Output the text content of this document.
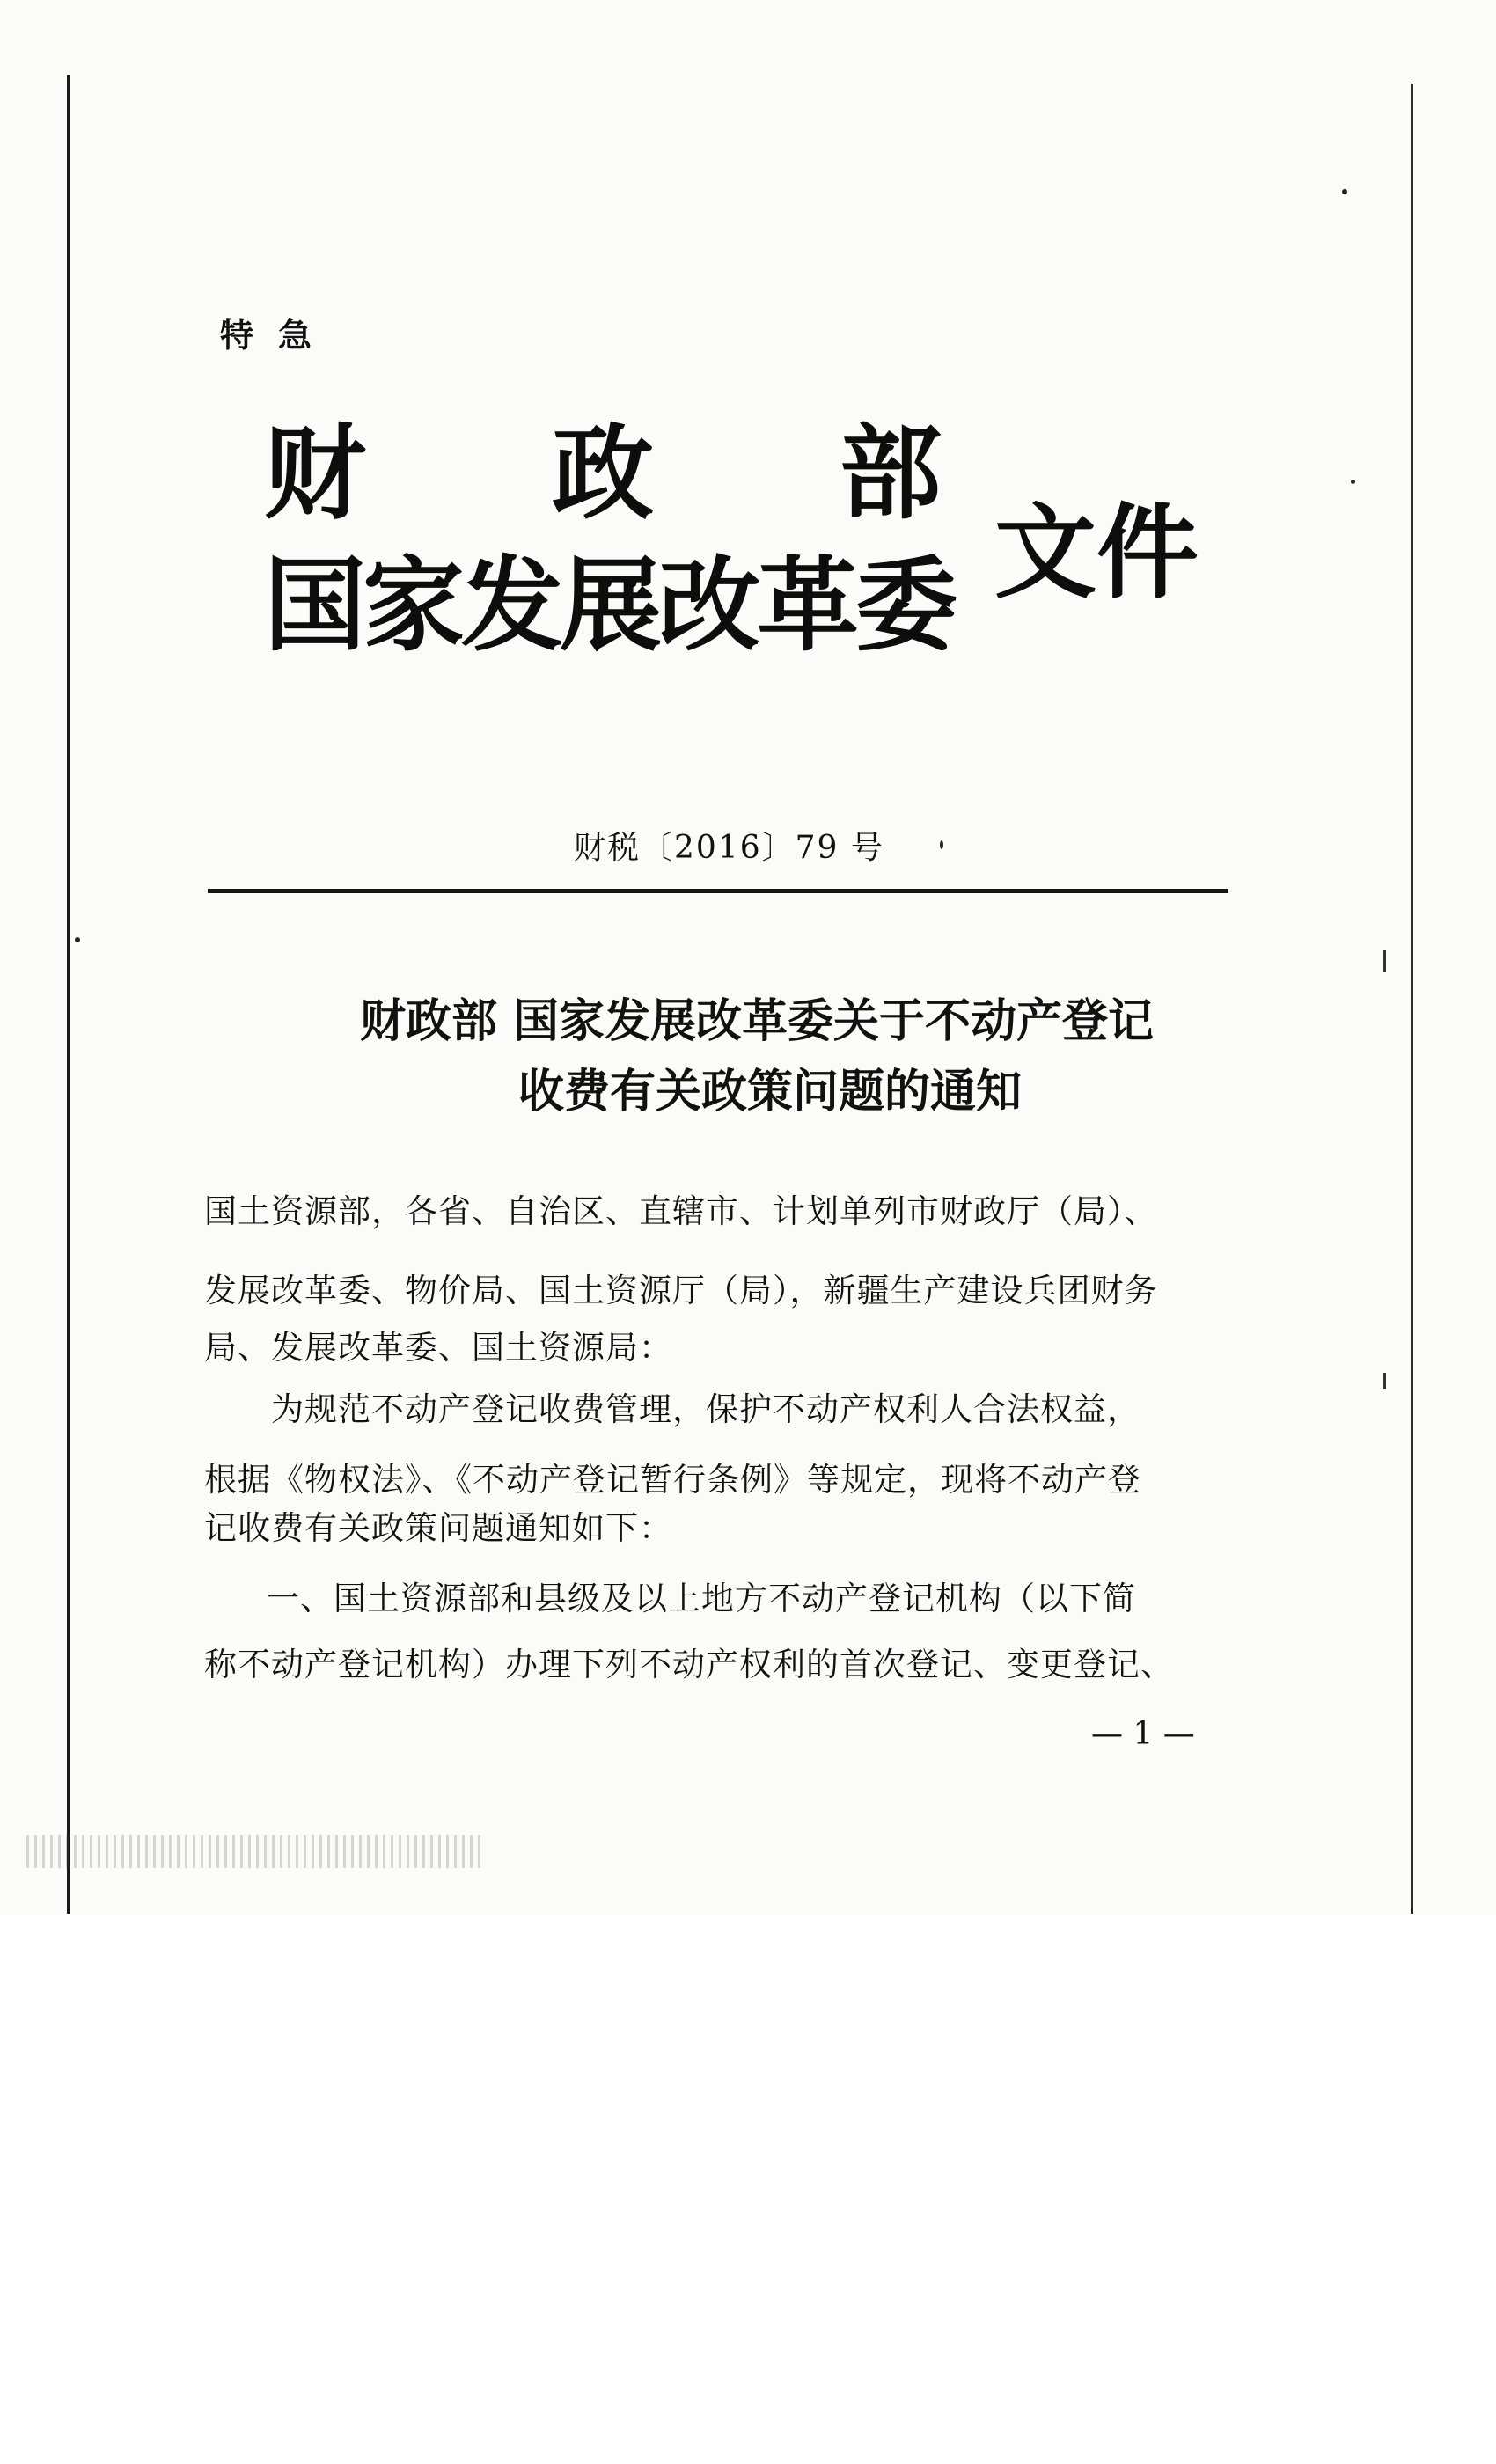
特急
财 政 部
国家发展改革委 文件
财税〔2016〕79 号
财政部 国家发展改革委关于不动产登记
收费有关政策问题的通知
国土资源部，各省、自治区、直辖市、计划单列市财政厅（局）、
发展改革委、物价局、国土资源厅（局），新疆生产建设兵团财务
局、发展改革委、国土资源局：
　为规范不动产登记收费管理，保护不动产权利人合法权益，
根据《物权法》、《不动产登记暂行条例》等规定，现将不动产登
记收费有关政策问题通知如下：
　一、国土资源部和县级及以上地方不动产登记机构（以下简
称不动产登记机构）办理下列不动产权利的首次登记、变更登记、
— 1 —
